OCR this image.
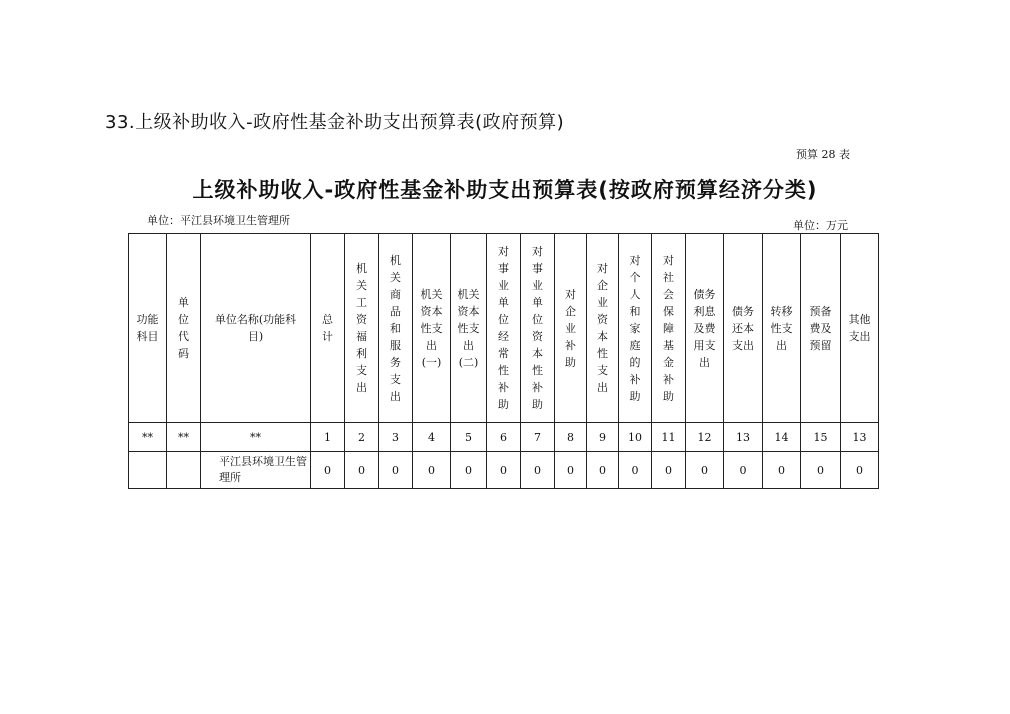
33.上级补助收入-政府性基金补助支出预算表(政府预算)
预算 28 表
上级补助收入-政府性基金补助支出预算表(按政府预算经济分类)
单位：平江县环境卫生管理所	单位：万元
功能科目	单位代码	单位名称(功能科目)	总计	机关工资福利支出	机关商品和服务支出	机关资本性支出(一)	机关资本性支出(二)	对事业单位经常性补助	对事业单位资本性补助	对企业补助	对企业资本性支出	对个人和家庭的补助	对社会保障基金补助	债务利息及费用支出	债务还本支出	转移性支出	预备费及预留	其他支出
**	**	**	1	2	3	4	5	6	7	8	9	10	11	12	13	14	15	13
		平江县环境卫生管理所	0	0	0	0	0	0	0	0	0	0	0	0	0	0	0	0
